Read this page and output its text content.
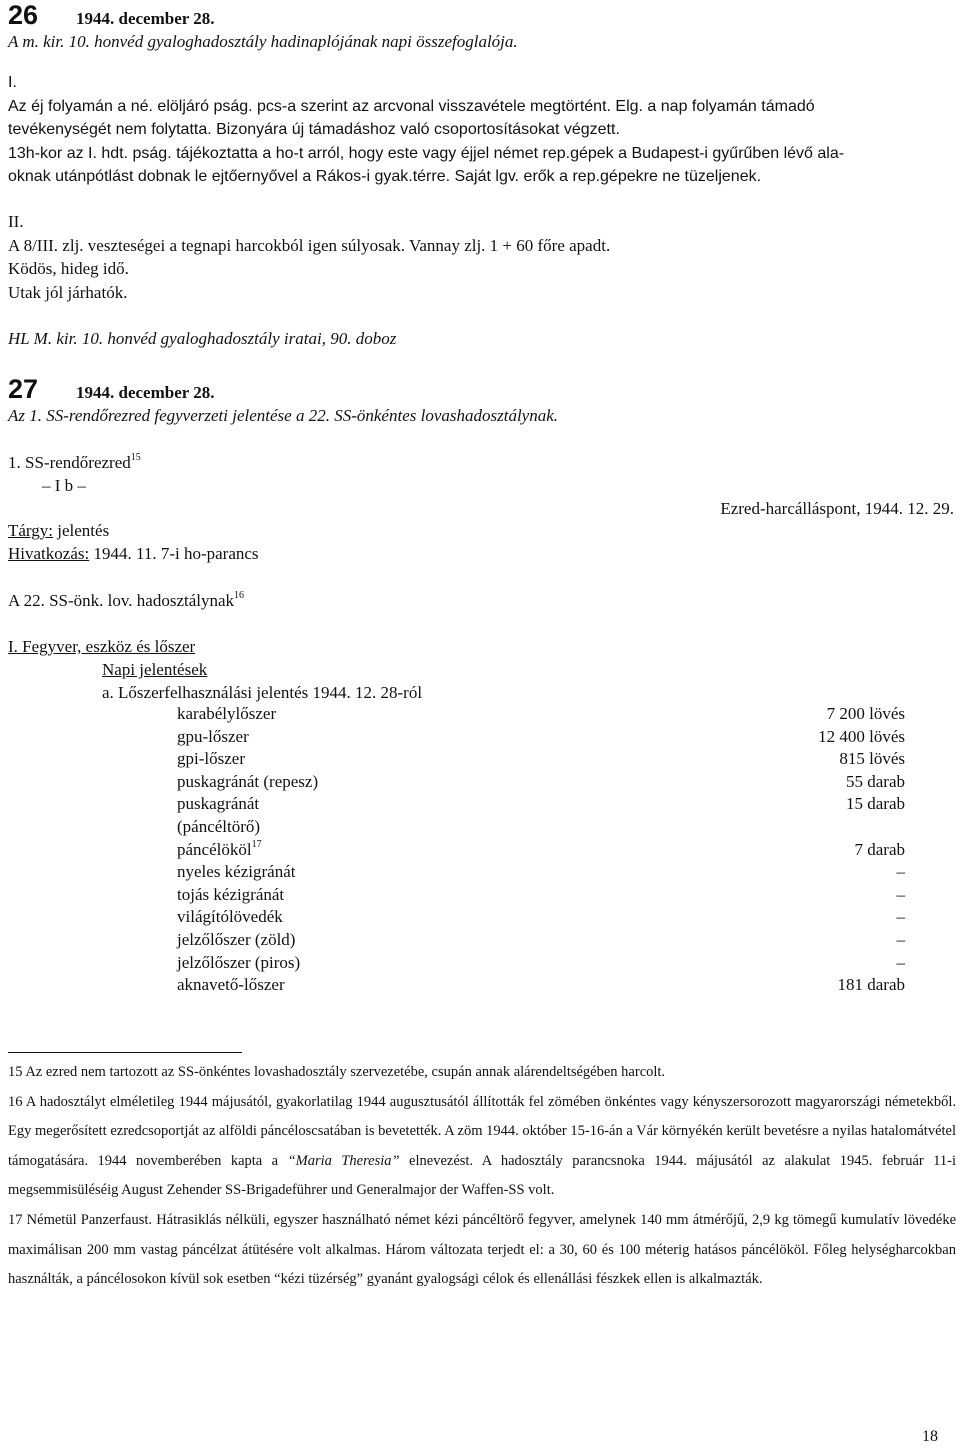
26 1944. december 28.
A m. kir. 10. honvéd gyaloghadosztály hadinaplójának napi összefoglalója.
I.
Az éj folyamán a né. elöljáró pság. pcs-a szerint az arcvonal visszavétele megtörtént. Elg. a nap folyamán támadó
tevékenységét nem folytatta. Bizonyára új támadáshoz való csoportosításokat végzett.
13h-kor az I. hdt. pság. tájékoztatta a ho-t arról, hogy este vagy éjjel német rep.gépek a Budapest-i gyűrűben lévő ala-
oknak utánpótlást dobnak le ejtőernyővel a Rákos-i gyak.térre. Saját lgv. erők a rep.gépekre ne tüzeljenek.
II.
A 8/III. zlj. veszteségei a tegnapi harcokból igen súlyosak. Vannay zlj. 1 + 60 főre apadt.
Ködös, hideg idő.
Utak jól járhatók.
HL M. kir. 10. honvéd gyaloghadosztály iratai, 90. doboz
27 1944. december 28.
Az 1. SS-rendőrezred fegyverzeti jelentése a 22. SS-önkéntes lovashadosztálynak.
1. SS-rendőrezred$^{15}$
– I b –
Ezred-harcálláspont, 1944. 12. 29.
Tárgy: jelentés
Hivatkozás: 1944. 11. 7-i ho-parancs
A 22. SS-önk. lov. hadosztálynak$^{16}$
I. Fegyver, eszköz és lőszer
Napi jelentések
a. Lőszerfelhasználási jelentés 1944. 12. 28-ról
karabélylőszer	7 200 lövés
gpu-lőszer	12 400 lövés
gpi-lőszer	815 lövés
puskagránát (repesz)	55 darab
puskagránát	15 darab
(páncéltörő)
páncélököl$^{17}$	7 darab
nyeles kézigránát	–
tojás kézigránát	–
világítólövedék	–
jelzőlőszer (zöld)	–
jelzőlőszer (piros)	–
aknavető-lőszer	181 darab

15 Az ezred nem tartozott az SS-önkéntes lovashadosztály szervezetébe, csupán annak alárendeltségében harcolt.

16 A hadosztályt elméletileg 1944 májusától, gyakorlatilag 1944 augusztusától állították fel zömében önkéntes vagy kényszersorozott magyarországi németekből. Egy megerősített ezredcsoportját az alföldi páncéloscsatában is bevetették. A zöm 1944. október 15-16-án a Vár környékén került bevetésre a nyilas hatalomátvétel támogatására. 1944 novemberében kapta a “Maria Theresia” elnevezést. A hadosztály parancsnoka 1944. májusától az alakulat 1945. február 11-i megsemmisüléséig August Zehender SS-Brigadeführer und Generalmajor der Waffen-SS volt.

17 Németül Panzerfaust. Hátrasiklás nélküli, egyszer használható német kézi páncéltörő fegyver, amelynek 140 mm átmérőjű, 2,9 kg tömegű kumulatív lövedéke maximálisan 200 mm vastag páncélzat átütésére volt alkalmas. Három változata terjedt el: a 30, 60 és 100 méterig hatásos páncélököl. Főleg helységharcokban használták, a páncélosokon kívül sok esetben “kézi tüzérség” gyanánt gyalogsági célok és ellenállási fészkek ellen is alkalmazták.

18
